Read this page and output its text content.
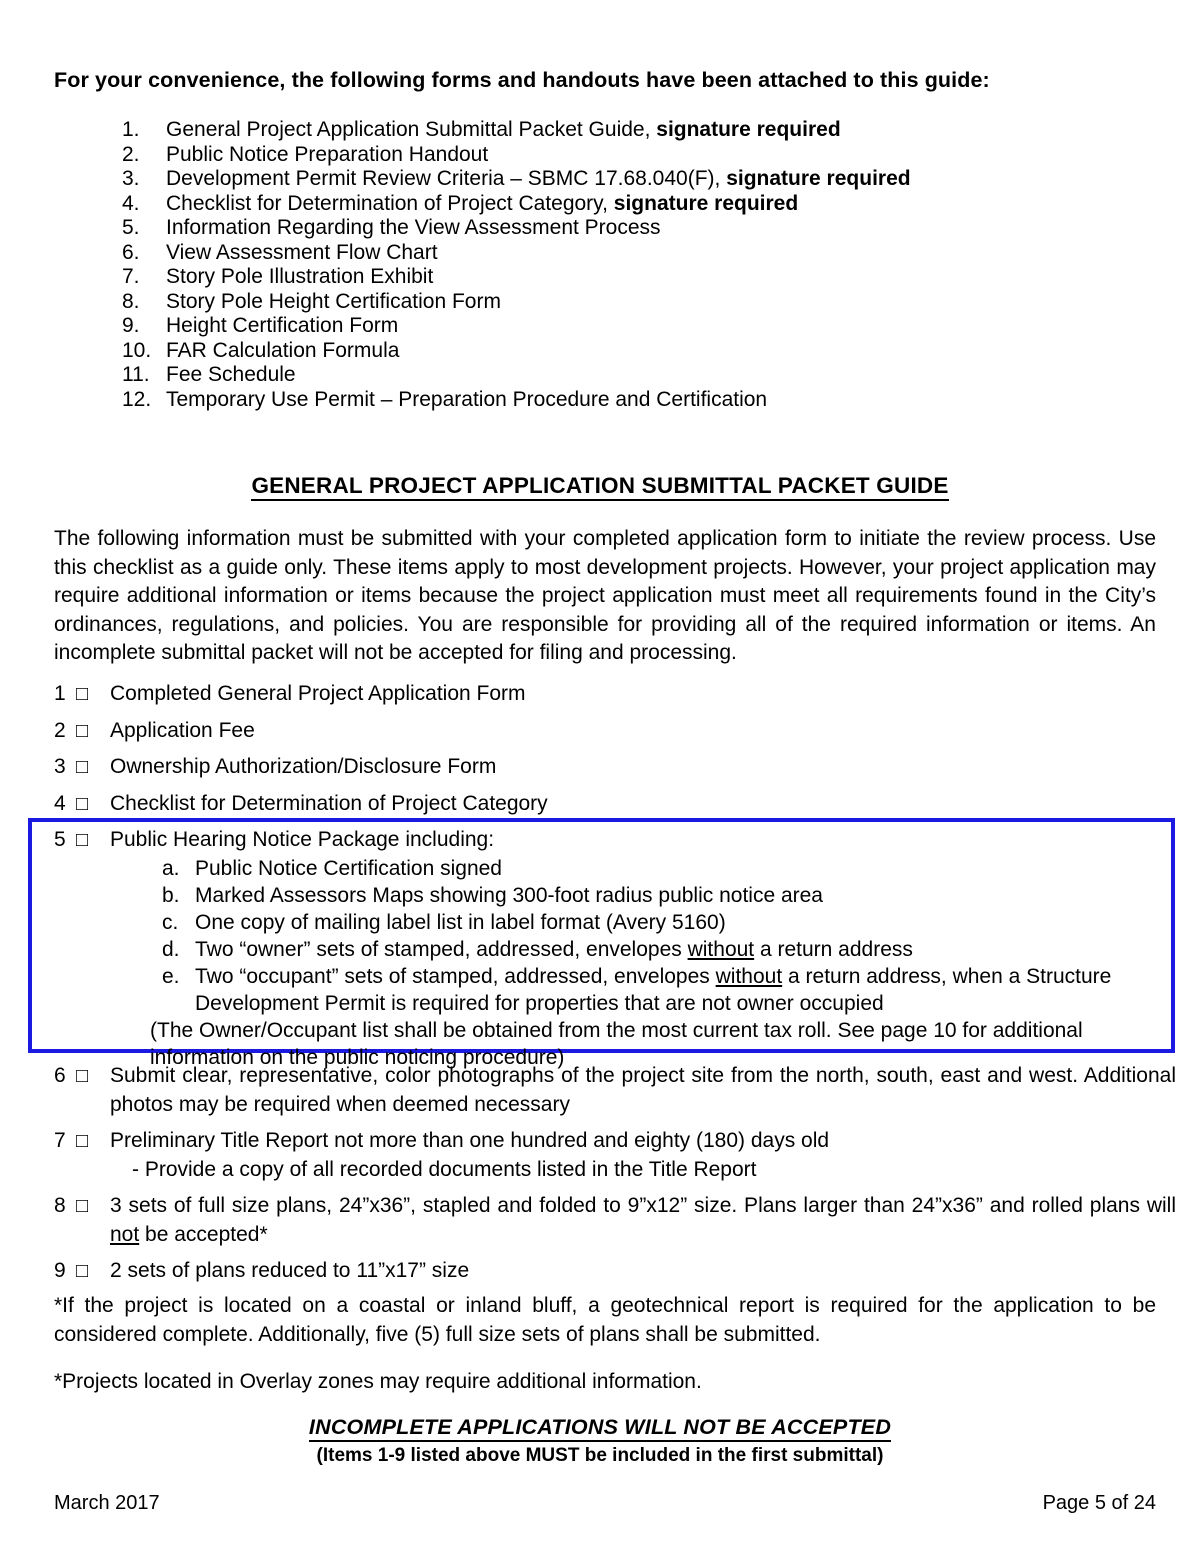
For your convenience, the following forms and handouts have been attached to this guide:
1.	General Project Application Submittal Packet Guide, signature required
2.	Public Notice Preparation Handout
3.	Development Permit Review Criteria – SBMC 17.68.040(F), signature required
4.	Checklist for Determination of Project Category, signature required
5.	Information Regarding the View Assessment Process
6.	View Assessment Flow Chart
7.	Story Pole Illustration Exhibit
8.	Story Pole Height Certification Form
9.	Height Certification Form
10. FAR Calculation Formula
11. Fee Schedule
12. Temporary Use Permit – Preparation Procedure and Certification
GENERAL PROJECT APPLICATION SUBMITTAL PACKET GUIDE
The following information must be submitted with your completed application form to initiate the review process. Use this checklist as a guide only. These items apply to most development projects. However, your project application may require additional information or items because the project application must meet all requirements found in the City’s ordinances, regulations, and policies. You are responsible for providing all of the required information or items. An incomplete submittal packet will not be accepted for filing and processing.
1 □	Completed General Project Application Form
2 □	Application Fee
3 □	Ownership Authorization/Disclosure Form
4 □	Checklist for Determination of Project Category
5 □	Public Hearing Notice Package including:
a. Public Notice Certification signed
b. Marked Assessors Maps showing 300-foot radius public notice area
c. One copy of mailing label list in label format (Avery 5160)
d. Two “owner” sets of stamped, addressed, envelopes without a return address
e. Two “occupant” sets of stamped, addressed, envelopes without a return address, when a Structure Development Permit is required for properties that are not owner occupied
(The Owner/Occupant list shall be obtained from the most current tax roll. See page 10 for additional information on the public noticing procedure)
6 □	Submit clear, representative, color photographs of the project site from the north, south, east and west. Additional photos may be required when deemed necessary
7 □	Preliminary Title Report not more than one hundred and eighty (180) days old
- Provide a copy of all recorded documents listed in the Title Report
8 □	3 sets of full size plans, 24”x36”, stapled and folded to 9”x12” size. Plans larger than 24”x36” and rolled plans will not be accepted*
9 □	2 sets of plans reduced to 11”x17” size
*If the project is located on a coastal or inland bluff, a geotechnical report is required for the application to be considered complete. Additionally, five (5) full size sets of plans shall be submitted.
*Projects located in Overlay zones may require additional information.
INCOMPLETE APPLICATIONS WILL NOT BE ACCEPTED
(Items 1-9 listed above MUST be included in the first submittal)
March 2017	Page 5 of 24
